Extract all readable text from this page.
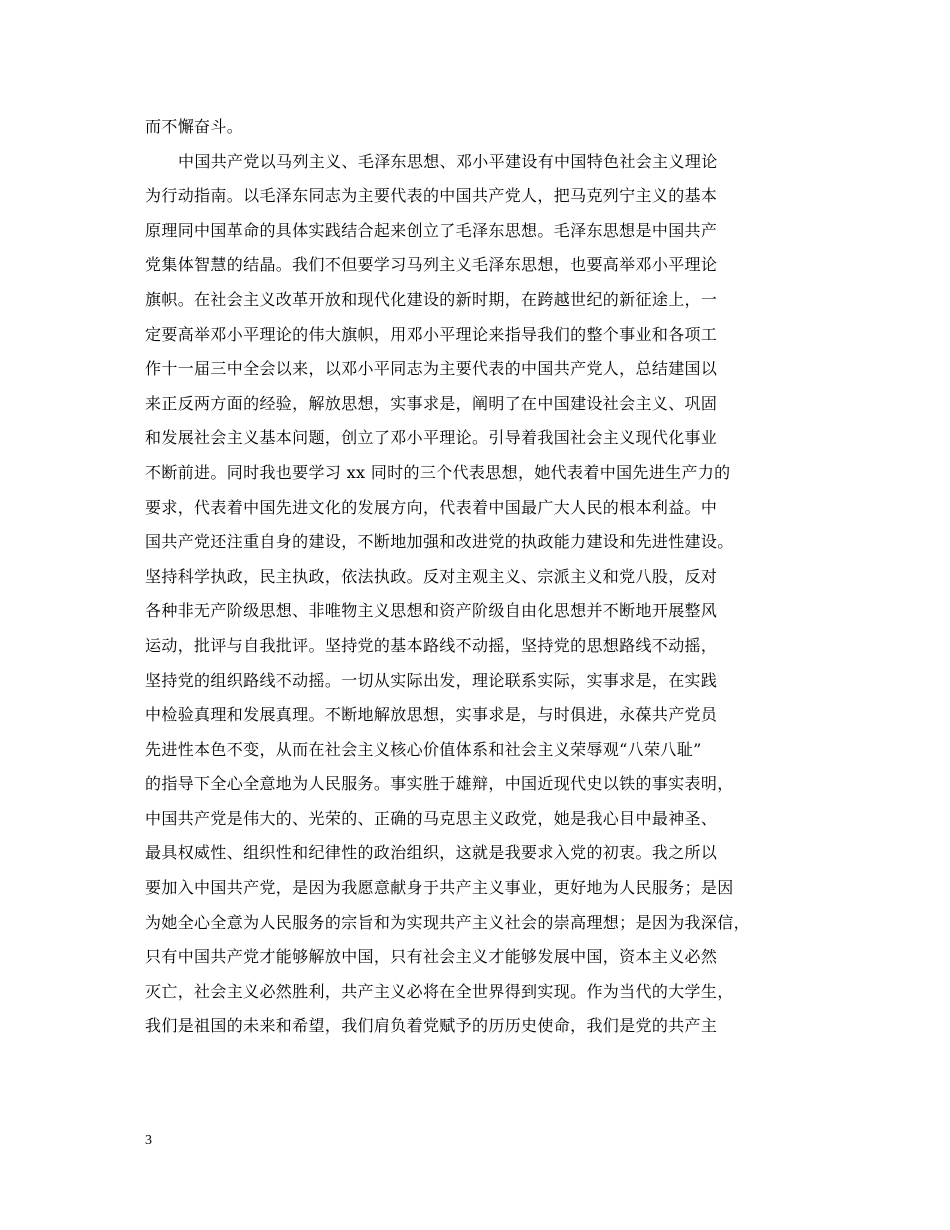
而不懈奋斗。
中国共产党以马列主义、毛泽东思想、邓小平建设有中国特色社会主义理论
为行动指南。以毛泽东同志为主要代表的中国共产党人，把马克列宁主义的基本
原理同中国革命的具体实践结合起来创立了毛泽东思想。毛泽东思想是中国共产
党集体智慧的结晶。我们不但要学习马列主义毛泽东思想，也要高举邓小平理论
旗帜。在社会主义改革开放和现代化建设的新时期，在跨越世纪的新征途上，一
定要高举邓小平理论的伟大旗帜，用邓小平理论来指导我们的整个事业和各项工
作十一届三中全会以来，以邓小平同志为主要代表的中国共产党人，总结建国以
来正反两方面的经验，解放思想，实事求是，阐明了在中国建设社会主义、巩固
和发展社会主义基本问题，创立了邓小平理论。引导着我国社会主义现代化事业
不断前进。同时我也要学习 xx 同时的三个代表思想，她代表着中国先进生产力的
要求，代表着中国先进文化的发展方向，代表着中国最广大人民的根本利益。中
国共产党还注重自身的建设，不断地加强和改进党的执政能力建设和先进性建设。
坚持科学执政，民主执政，依法执政。反对主观主义、宗派主义和党八股，反对
各种非无产阶级思想、非唯物主义思想和资产阶级自由化思想并不断地开展整风
运动，批评与自我批评。坚持党的基本路线不动摇，坚持党的思想路线不动摇，
坚持党的组织路线不动摇。一切从实际出发，理论联系实际，实事求是，在实践
中检验真理和发展真理。不断地解放思想，实事求是，与时俱进，永葆共产党员
先进性本色不变，从而在社会主义核心价值体系和社会主义荣辱观“八荣八耻”
的指导下全心全意地为人民服务。事实胜于雄辩，中国近现代史以铁的事实表明，
中国共产党是伟大的、光荣的、正确的马克思主义政党，她是我心目中最神圣、
最具权威性、组织性和纪律性的政治组织，这就是我要求入党的初衷。我之所以
要加入中国共产党，是因为我愿意献身于共产主义事业，更好地为人民服务；是因
为她全心全意为人民服务的宗旨和为实现共产主义社会的崇高理想；是因为我深信，
只有中国共产党才能够解放中国，只有社会主义才能够发展中国，资本主义必然
灭亡，社会主义必然胜利，共产主义必将在全世界得到实现。作为当代的大学生，
我们是祖国的未来和希望，我们肩负着党赋予的历历史使命，我们是党的共产主
3
